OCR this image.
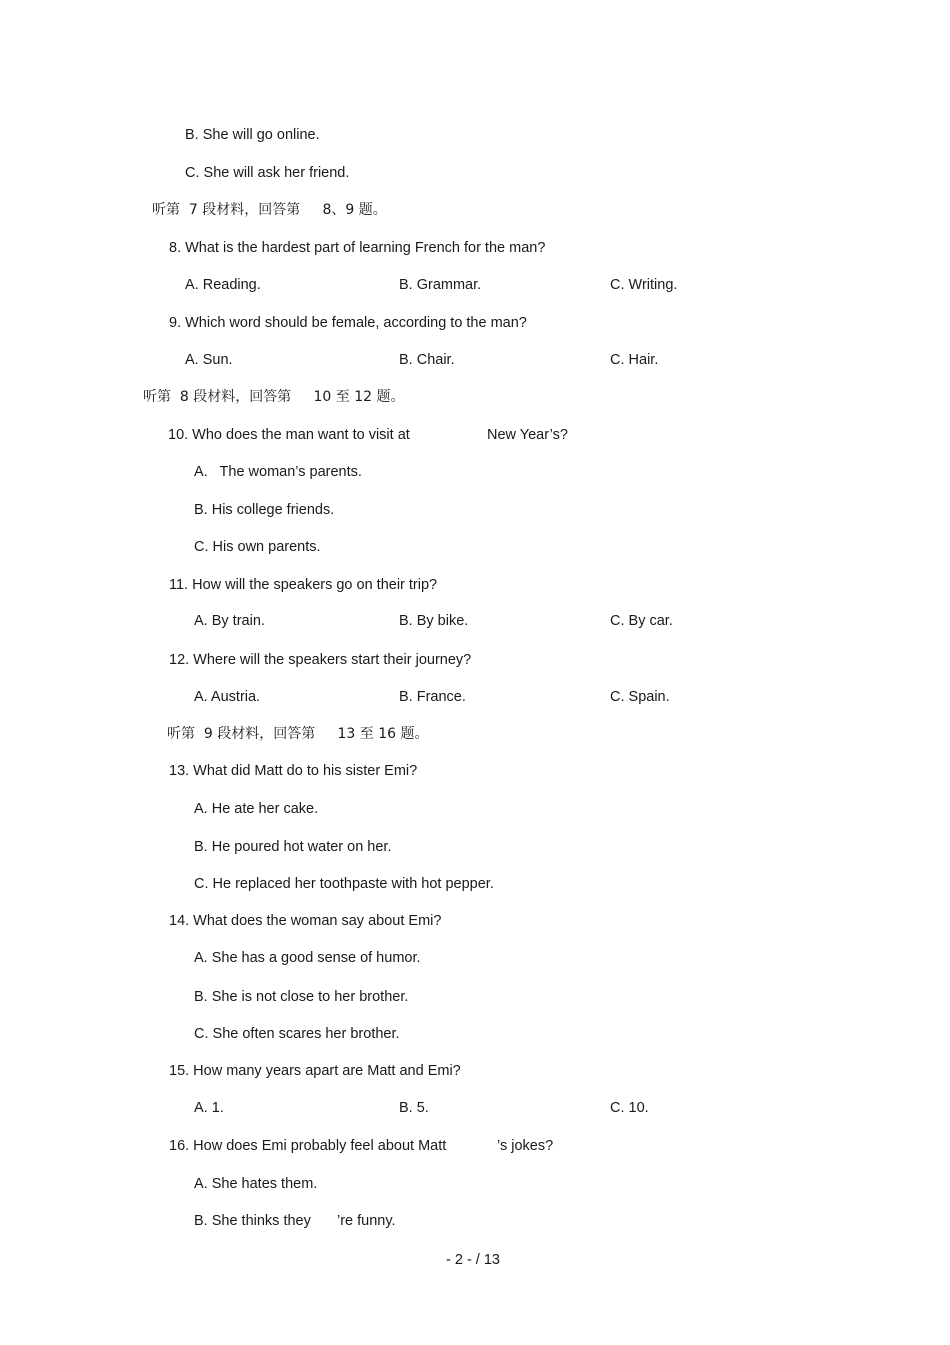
B. She will go online.
C. She will ask her friend.
听第  7 段材料，回答第     8、9 题。
8. What is the hardest part of learning French for the man?
A. Reading.	B. Grammar.	C. Writing.
9. Which word should be female, according to the man?
A. Sun.	B. Chair.	C. Hair.
听第  8 段材料，回答第     10 至 12 题。
10. Who does the man want to visit at	New Year’s?
A.   The woman’s parents.
B. His college friends.
C. His own parents.
11. How will the speakers go on their trip?
A. By train.	B. By bike.	C. By car.
12. Where will the speakers start their journey?
A. Austria.	B. France.	C. Spain.
听第  9 段材料，回答第     13 至 16 题。
13. What did Matt do to his sister Emi?
A. He ate her cake.
B. He poured hot water on her.
C. He replaced her toothpaste with hot pepper.
14. What does the woman say about Emi?
A. She has a good sense of humor.
B. She is not close to her brother.
C. She often scares her brother.
15. How many years apart are Matt and Emi?
A. 1.	B. 5.	C. 10.
16. How does Emi probably feel about Matt	’s jokes?
A. She hates them.
B. She thinks they ’re funny.
- 2 - / 13
